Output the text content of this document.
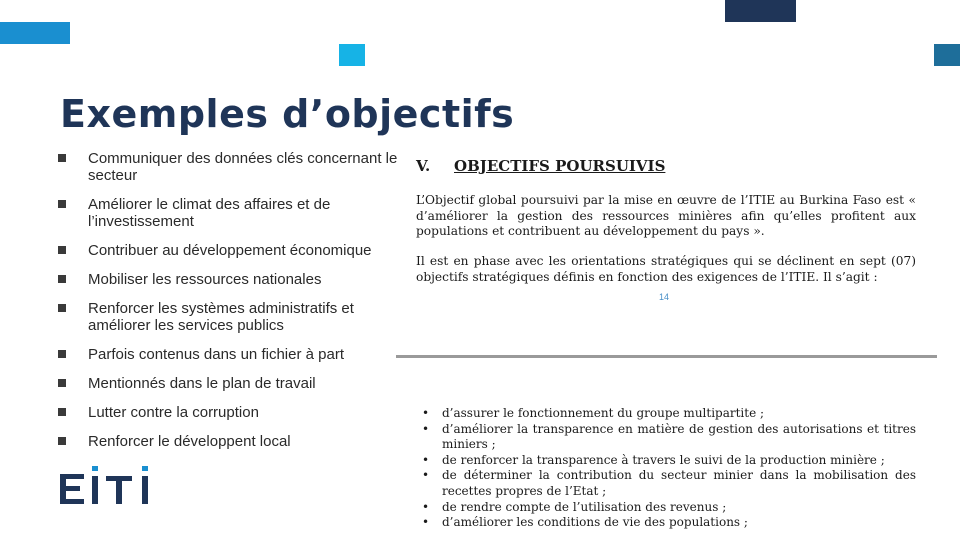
Exemples d’objectifs
Communiquer des données clés concernant le secteur
Améliorer le climat des affaires et de l’investissement
Contribuer au développement économique
Mobiliser les ressources nationales
Renforcer les systèmes administratifs et améliorer les services publics
Parfois contenus dans un fichier à part
Mentionnés dans le plan de travail
Lutter contre la corruption
Renforcer le développent local
V. OBJECTIFS POURSUIVIS
L’Objectif global poursuivi par la mise en œuvre de l’ITIE au Burkina Faso est « d’améliorer la gestion des ressources minières afin qu’elles profitent aux populations et contribuent au développement du pays ».
Il est en phase avec les orientations stratégiques qui se déclinent en sept (07) objectifs stratégiques définis en fonction des exigences de l’ITIE. Il s’agit :
14
• d’assurer le fonctionnement du groupe multipartite ;
• d’améliorer la transparence en matière de gestion des autorisations et titres miniers ;
• de renforcer la transparence à travers le suivi de la production minière ;
• de déterminer la contribution du secteur minier dans la mobilisation des recettes propres de l’Etat ;
• de rendre compte de l’utilisation des revenus ;
• d’améliorer les conditions de vie des populations ;
